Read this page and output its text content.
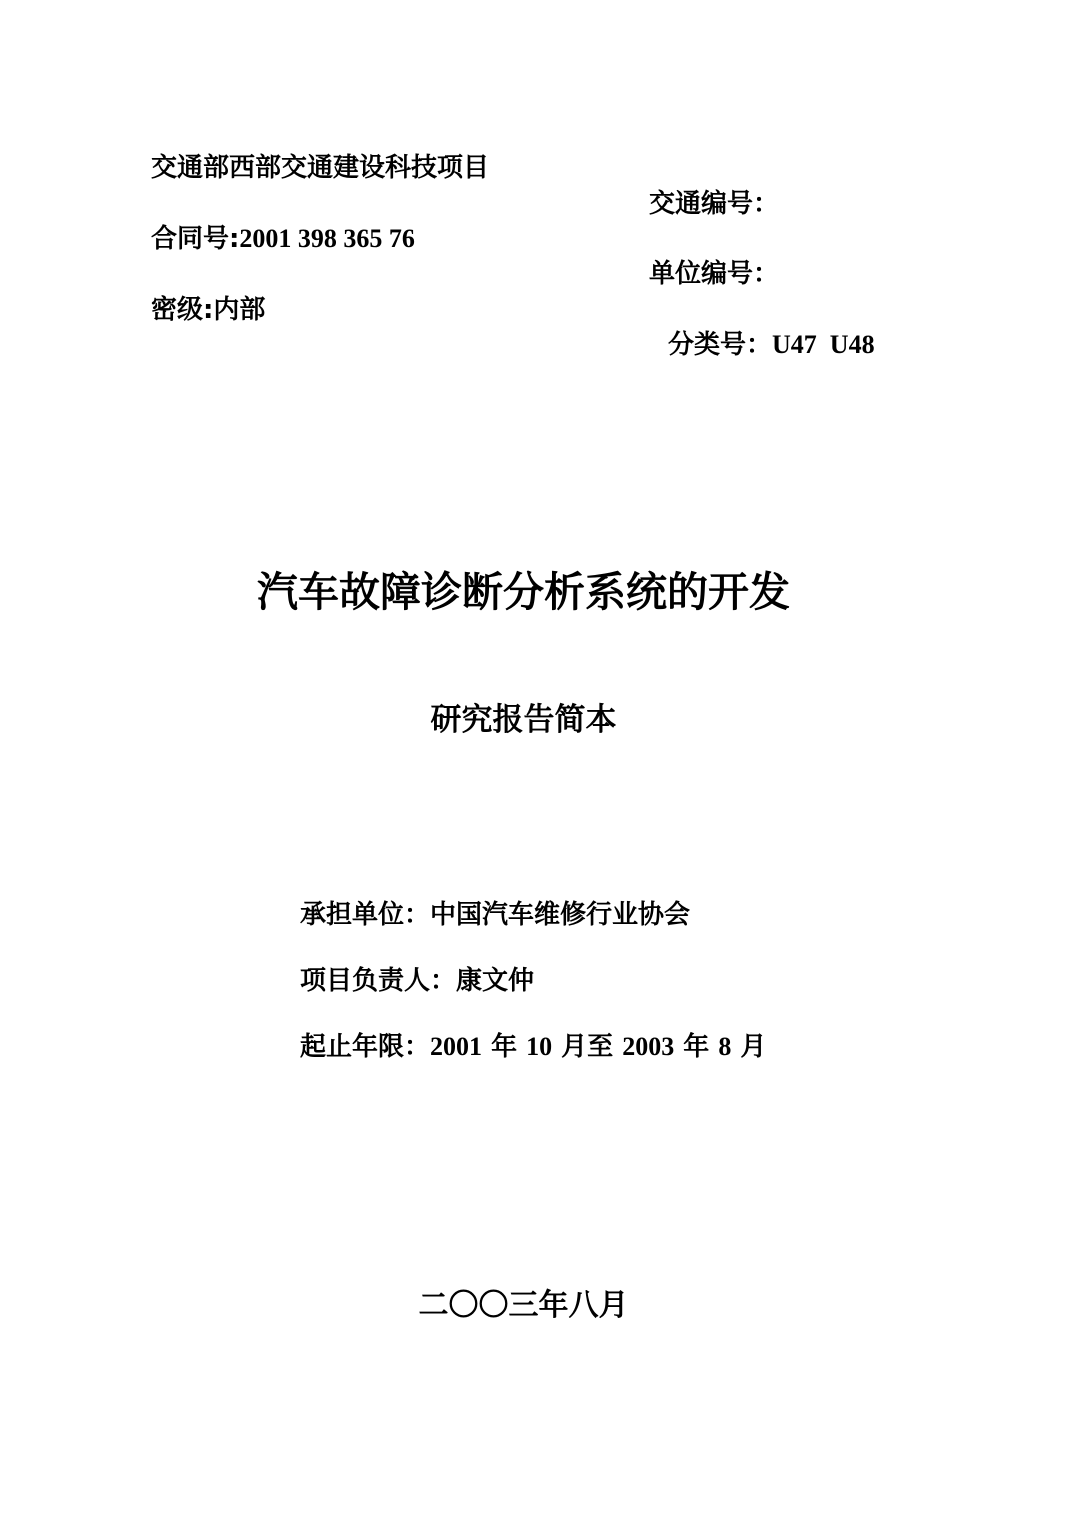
交通部西部交通建设科技项目
合同号:2001 398 365 76
密级:内部
交通编号：
单位编号：
分类号：U47  U48
汽车故障诊断分析系统的开发
研究报告简本
承担单位：中国汽车维修行业协会
项目负责人：康文仲
起止年限：2001 年 10 月至 2003 年 8 月
二〇〇三年八月
